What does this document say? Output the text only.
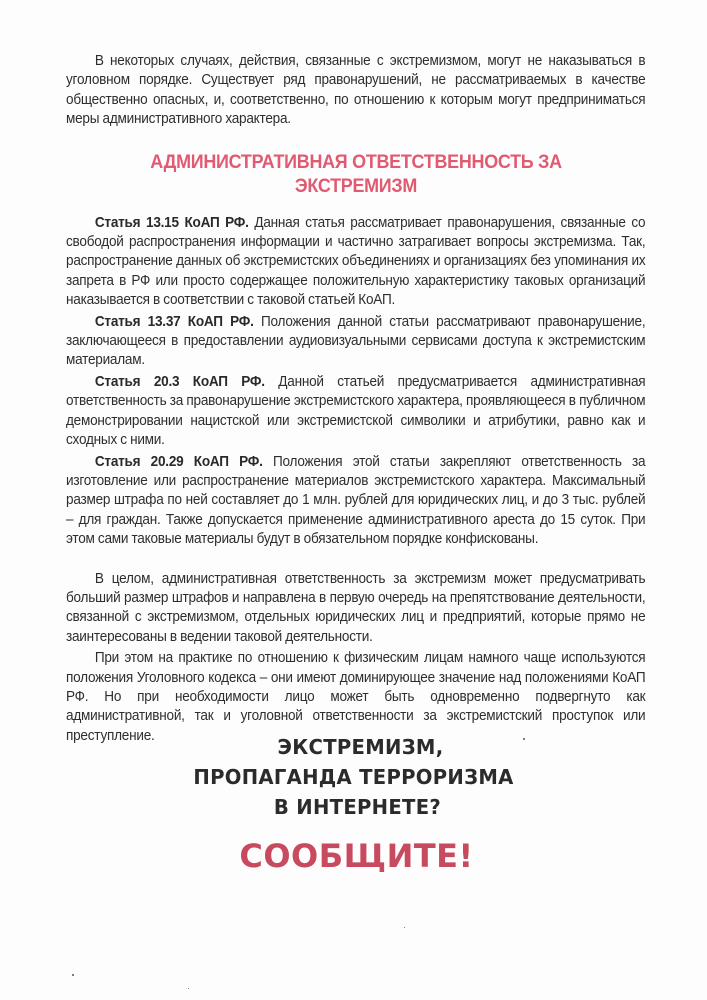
В некоторых случаях, действия, связанные с экстремизмом, могут не наказываться в уголовном порядке. Существует ряд правонарушений, не рассматриваемых в качестве общественно опасных, и, соответственно, по отношению к которым могут предприниматься меры административного характера.

АДМИНИСТРАТИВНАЯ ОТВЕТСТВЕННОСТЬ ЗА ЭКСТРЕМИЗМ

Статья 13.15 КоАП РФ. Данная статья рассматривает правонарушения, связанные со свободой распространения информации и частично затрагивает вопросы экстремизма. Так, распространение данных об экстремистских объединениях и организациях без упоминания их запрета в РФ или просто содержащее положительную характеристику таковых организаций наказывается в соответствии с таковой статьей КоАП.

Статья 13.37 КоАП РФ. Положения данной статьи рассматривают правонарушение, заключающееся в предоставлении аудиовизуальными сервисами доступа к экстремистским материалам.

Статья 20.3 КоАП РФ. Данной статьей предусматривается административная ответственность за правонарушение экстремистского характера, проявляющееся в публичном демонстрировании нацистской или экстремистской символики и атрибутики, равно как и сходных с ними.

Статья 20.29 КоАП РФ. Положения этой статьи закрепляют ответственность за изготовление или распространение материалов экстремистского характера. Максимальный размер штрафа по ней составляет до 1 млн. рублей для юридических лиц, и до 3 тыс. рублей – для граждан. Также допускается применение административного ареста до 15 суток. При этом сами таковые материалы будут в обязательном порядке конфискованы.

В целом, административная ответственность за экстремизм может предусматривать больший размер штрафов и направлена в первую очередь на препятствование деятельности, связанной с экстремизмом, отдельных юридических лиц и предприятий, которые прямо не заинтересованы в ведении таковой деятельности.

При этом на практике по отношению к физическим лицам намного чаще используются положения Уголовного кодекса – они имеют доминирующее значение над положениями КоАП РФ. Но при необходимости лицо может быть одновременно подвергнуто как административной, так и уголовной ответственности за экстремистский проступок или преступление.	ЭКСТРЕМИЗМ,
ПРОПАГАНДА ТЕРРОРИЗМА
В ИНТЕРНЕТЕ?
СООБЩИТЕ!
